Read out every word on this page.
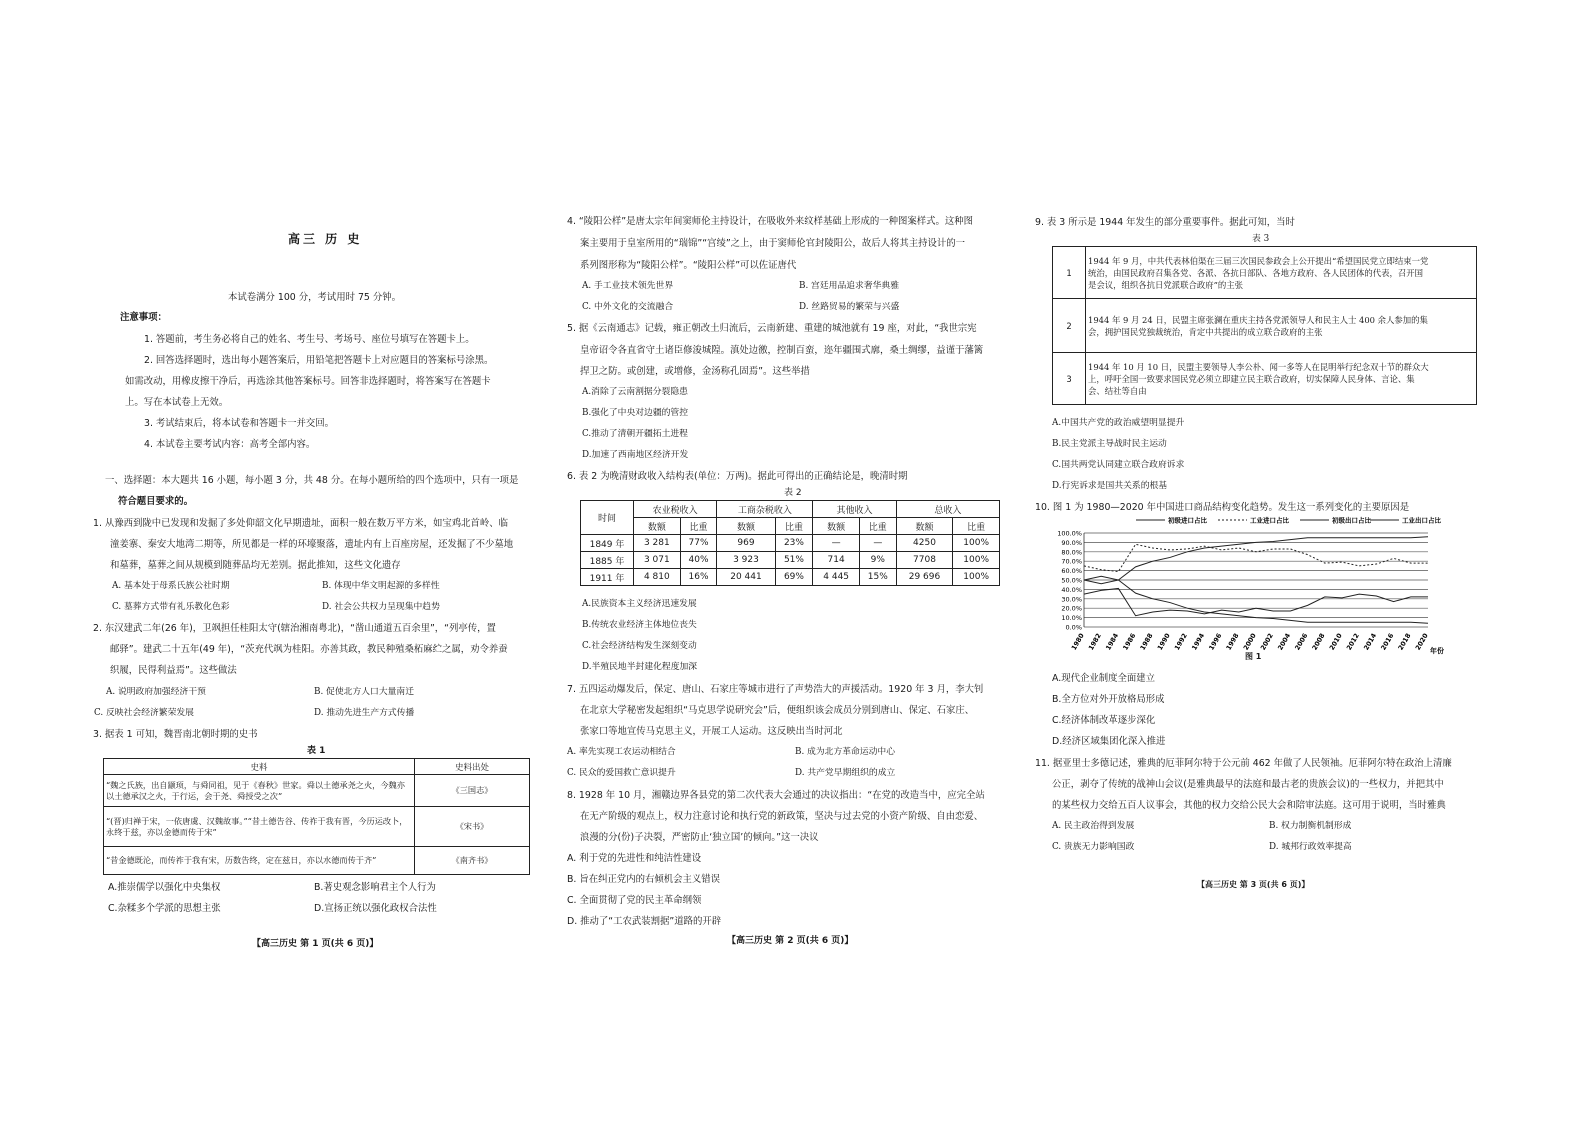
高三 历 史
本试卷满分 100 分，考试用时 75 分钟。
注意事项：
1. 答题前，考生务必将自己的姓名、考生号、考场号、座位号填写在答题卡上。
2. 回答选择题时，选出每小题答案后，用铅笔把答题卡上对应题目的答案标号涂黑。
如需改动，用橡皮擦干净后，再选涂其他答案标号。回答非选择题时，将答案写在答题卡
上。写在本试卷上无效。
3. 考试结束后，将本试卷和答题卡一并交回。
4. 本试卷主要考试内容：高考全部内容。
一、选择题：本大题共 16 小题，每小题 3 分，共 48 分。在每小题所给的四个选项中，只有一项是
符合题目要求的。
1. 从豫西到陇中已发现和发掘了多处仰韶文化早期遗址，面积一般在数万平方米，如宝鸡北首岭、临
潼姜寨、秦安大地湾二期等，所见都是一样的环壕聚落，遗址内有上百座房屋，还发掘了不少墓地
和墓葬，墓葬之间从规模到随葬品均无差别。据此推知，这些文化遗存
A. 基本处于母系氏族公社时期	B. 体现中华文明起源的多样性
C. 墓葬方式带有礼乐教化色彩	D. 社会公共权力呈现集中趋势
2. 东汉建武二年(26 年)，卫飒担任桂阳太守(辖治湘南粤北)，“凿山通道五百余里”，“列亭传，置
邮驿”。建武二十五年(49 年)，“茨充代飒为桂阳。亦善其政，教民种殖桑柘麻纻之属，劝令养蚕
织履，民得利益焉”。这些做法
A. 说明政府加强经济干预	B. 促使北方人口大量南迁
C. 反映社会经济繁荣发展	D. 推动先进生产方式传播
3. 据表 1 可知，魏晋南北朝时期的史书
表 1
史料	史料出处
“魏之氏族，出自颛顼，与舜同祖，见于《春秋》世家。舜以土德承尧之火，今魏亦以土德承汉之火，于行运，会于尧、舜授受之次”	《三国志》
“(晋)归禅于宋，一依唐虞、汉魏故事。”“昔土德告谷、传祚于我有晋，今历运改卜，永终于兹，亦以金德而传于宋”	《宋书》
“昔金德既沦，而传祚于我有宋，历数告终，定在兹日，亦以水德而传于齐”	《南齐书》
A.推崇儒学以强化中央集权	B.著史观念影响君主个人行为
C.杂糅多个学派的思想主张	D.宣扬正统以强化政权合法性
【高三历史 第 1 页(共 6 页)】
4. “陵阳公样”是唐太宗年间窦师伦主持设计，在吸收外来纹样基础上形成的一种图案样式。这种图
案主要用于皇室所用的“瑞锦”“宫绫”之上，由于窦师伦官封陵阳公，故后人将其主持设计的一
系列图形称为“陵阳公样”。“陵阳公样”可以佐证唐代
A. 手工业技术领先世界	B. 宫廷用品追求奢华典雅
C. 中外文化的交流融合	D. 丝路贸易的繁荣与兴盛
5. 据《云南通志》记载，雍正朝改土归流后，云南新建、重建的城池就有 19 座，对此，“我世宗宪
皇帝诏令各直省守土诸臣修浚城隍。滇处边徼，控制百蛮，迩年疆围式廓，桑土绸缪，益谨于藩篱
捍卫之防。或创建，或增修，金汤称孔固焉”。这些举措
A.消除了云南割据分裂隐患
B.强化了中央对边疆的管控
C.推动了清朝开疆拓土进程
D.加速了西南地区经济开发
6. 表 2 为晚清财政收入结构表(单位：万两)。据此可得出的正确结论是，晚清时期
表 2
时间	农业税收入		工商杂税收入		其他收入		总收入	
	数额	比重	数额	比重	数额	比重	数额	比重
1849 年	3 281	77%	969	23%	—	—	4250	100%
1885 年	3 071	40%	3 923	51%	714	9%	7708	100%
1911 年	4 810	16%	20 441	69%	4 445	15%	29 696	100%
A.民族资本主义经济迅速发展
B.传统农业经济主体地位丧失
C.社会经济结构发生深刻变动
D.半殖民地半封建化程度加深
7. 五四运动爆发后，保定、唐山、石家庄等城市进行了声势浩大的声援活动。1920 年 3 月，李大钊
在北京大学秘密发起组织“马克思学说研究会”后，便组织该会成员分别到唐山、保定、石家庄、
张家口等地宣传马克思主义，开展工人运动。这反映出当时河北
A. 率先实现工农运动相结合	B. 成为北方革命运动中心
C. 民众的爱国救亡意识提升	D. 共产党早期组织的成立
8. 1928 年 10 月，湘赣边界各县党的第二次代表大会通过的决议指出：“在党的改造当中，应完全站
在无产阶级的观点上，权力注意讨论和执行党的新政策，坚决与过去党的小资产阶级、自由恋爱、
浪漫的分(份)子决裂，严密防止‘独立国’的倾向。”这一决议
A. 利于党的先进性和纯洁性建设
B. 旨在纠正党内的右倾机会主义错误
C. 全面贯彻了党的民主革命纲领
D. 推动了“工农武装割据”道路的开辟
【高三历史 第 2 页(共 6 页)】
9. 表 3 所示是 1944 年发生的部分重要事件。据此可知，当时
表 3
1	1944 年 9 月，中共代表林伯渠在三届三次国民参政会上公开提出“希望国民党立即结束一党
统治，由国民政府召集各党、各派、各抗日部队、各地方政府、各人民团体的代表，召开国
是会议，组织各抗日党派联合政府”的主张

2	1944 年 9 月 24 日，民盟主席张澜在重庆主持各党派领导人和民主人士 400 余人参加的集
会，拥护国民党独裁统治，肯定中共提出的成立联合政府的主张

3	1944 年 10 月 10 日，民盟主要领导人李公朴、闻一多等人在昆明举行纪念双十节的群众大
上，呼吁全国一致要求国民党必须立即建立民主联合政府，切实保障人民身体、言论、集
会、结社等自由
A.中国共产党的政治威望明显提升
B.民主党派主导战时民主运动
C.国共两党认同建立联合政府诉求
D.行宪诉求是国共关系的根基
10. 图 1 为 1980—2020 年中国进口商品结构变化趋势。发生这一系列变化的主要原因是
初级进口占比	工业进口占比	初级出口占比	工业出口占比
0.0%
10.0%
20.0%
30.0%
40.0%
50.0%
60.0%
70.0%
80.0%
90.0%
100.0%
1980 1982 1984 1986 1988 1990 1992 1994 1996 1998 2000 2002 2004 2006 2008 2010 2012 2014 2016 2018 2020 年份
图 1
A.现代企业制度全面建立
B.全方位对外开放格局形成
C.经济体制改革逐步深化
D.经济区域集团化深入推进
11. 据亚里士多德记述，雅典的厄菲阿尔特于公元前 462 年做了人民领袖。厄菲阿尔特在政治上清廉
公正，剥夺了传统的战神山会议(是雅典最早的法庭和最古老的贵族会议)的一些权力，并把其中
的某些权力交给五百人议事会，其他的权力交给公民大会和陪审法庭。这可用于说明，当时雅典
A. 民主政治得到发展	B. 权力制衡机制形成
C. 贵族无力影响国政	D. 城邦行政效率提高
【高三历史 第 3 页(共 6 页)】
